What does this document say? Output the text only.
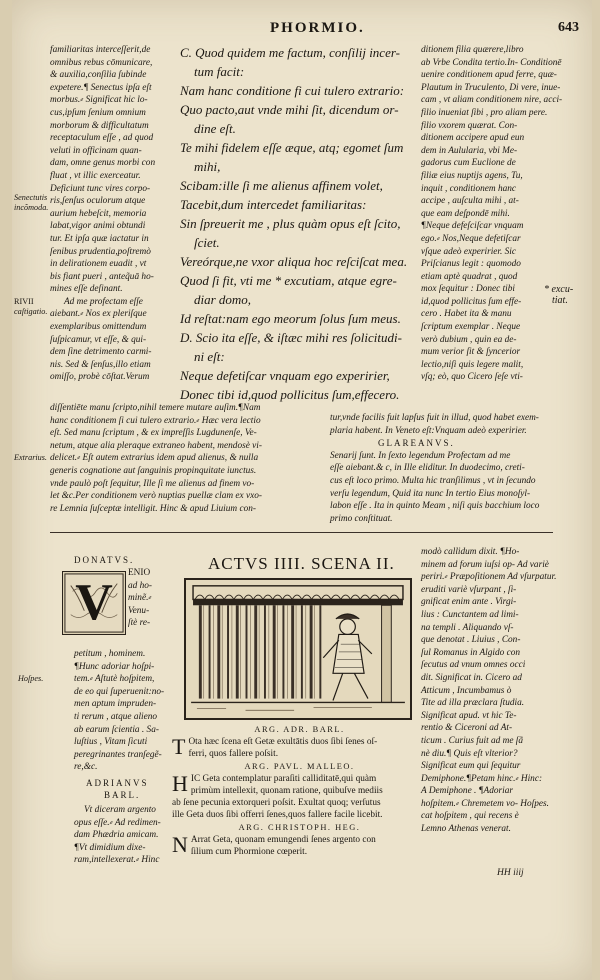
PHORMIO.	643
familiaritas interceſſerit,de
omnibus rebus cōmunicare,
& auxilia,conſilia ſubinde
expetere.¶ Senectus ipſa eſt
morbus.⸗ Significat hic lo-
cus,ipſum ſenium omnium
morborum & difficultatum
receptaculum eſſe , ad quod
veluti in officinam quan-
dam, omne genus morbi con
fluat , vt illic exerceatur.
Deficiunt tunc vires corpo-
ris,ſenſus oculorum atque
aurium hebeſcit, memoria
labat,vigor animi obtundi
tur. Et ipſa quæ iactatur in
ſenibus prudentia,poſtremò
in delirationem euadit , vt
bis fiant pueri , anteq̃uā ho-
mines eſſe deſinant.
Ad me profectam eſſe
aiebant.⸗ Nos ex pleriſque
exemplaribus omittendum
ſuſpicamur, vt eſſe, & qui-
dem ſine detrimento carmi-
nis. Sed & ſenſus,illo etiam
omiſſo, probè cōſtat.Verum
Senectutis
incõmoda.
RIVII
caſtigatio.
Extrarius.
Hoſpes.
C. Quod quidem me factum, conſilij incer-
tum facit:
Nam hanc conditione fi cui tulero extrario:
Quo pacto,aut vnde mihi ſit, dicendum or-
dine eſt.
Te mihi fidelem eſſe æque, atq; egomet ſum
mihi,
Scibam:ille ſi me alienus affinem volet,
Tacebit,dum intercedet familiaritas:
Sin ſpreuerit me , plus quàm opus eſt ſcito,
ſciet.
Vereórque,ne vxor aliqua hoc reſciſcat mea.
Quod ſi fit, vti me * excutiam, atque egre-
diar domo,
Id reſtat:nam ego meorum ſolus ſum meus.
D. Scio ita eſſe, & iſtæc mihi res ſolicitudi-
ni eſt:
Neque defetiſcar vnquam ego experirier,
Donec tibi id,quod pollicitus ſum,effecero.
ditionem filia quærere,libro
ab Vrbe Condita tertio.In- Conditionē
uenire conditionem apud ferre, quæ-
Plautum in Truculento, Di vere, inue-
cam , vt aliam conditionem nire, acci-
filio inueniat ſibi , pro aliam pere.
filio vxorem quærat. Con-
ditionem accipere apud eun
dem in Aulularia, vbi Me-
gadorus cum Euclione de
filiæ eius nuptijs agens, Tu,
inquit , conditionem hanc
accipe , auſculta mihi , at-
que eam deſpondē mihi.
¶Neque defeſciſcar vnquam
ego.⸗ Nos,Neque defetiſcar
vſque adeò experirier. Sic
Priſcianus legit : quomodo
etiam aptè quadrat , quod
mox ſequitur : Donec tibi
id,quod pollicitus ſum effe-
cero . Habet ita & manu
ſcriptum exemplar . Neque
verò dubium , quin ea de-
mum verior ſit & ſyncerior
lectio,niſi quis legere malit,
vſq; eò, quo Cicero ſeſe vti-
* excu-
tiat.
diſſentiēte manu ſcripto,nihil temere mutare auſim.¶Nam
hanc conditionem ſi cui tulero extrario.⸗ Hæc vera lectio
eſt. Sed manu ſcriptum , & ex impreſſis Lugdunenſe, Ve-
netum, atque alia pleraque extraneo habent, mendosè vi-
delicet.⸗ Eſt autem extrarius idem apud alienus, & nulla
generis cognatione aut ſanguinis propinquitate iunctus.
vnde paulò poſt ſequitur, Ille ſi me alienus ad finem vo-
let &c.Per conditionem verò nuptias puellæ clam ex vxo-
re Lemnia ſuſceptæ intelligit. Hinc & apud Liuium con-
tur,vnde facilis fuit lapſus fuit in illud, quod habet exem-
plaria habent. In Veneto eſt:Vnquam adeò experirier.
GLAREANVS.
Senarij ſunt. In ſexto legendum Profectam ad me
eſſe aiebant.& c, in Ille eliditur. In duodecimo, creti-
cus eſt loco primo. Multa hic tranſilimus , vt in ſecundo
verſu legendum, Quid ita nunc In tertio Eius monoſyl-
labon eſſe . Ita in quinto Meam , niſi quis bacchium loco
primo conſtituat.
DONATVS.
V
ENIO
ad ho-
minẽ.⸗
Venu-
ſtè re-
petitum , hominem.
¶Hunc adoriar hoſpi-
tem.⸗ Aſtutè hoſpitem,
de eo qui ſuperuenit:no-
men aptum impruden-
ti rerum , atque alieno
ab earum ſcientia . Sa-
luſtius , Vitam ſicuti
peregrinantes tranſegẽ-
re,&c.
ADRIANVS
BARL.
Vt diceram argento
opus eſſe.⸗ Ad redimen-
dam Phædria amicam.
¶Vt dimidium dixe-
ram,intellexerat.⸗ Hinc
ACTVS IIII. SCENA II.
ARG. ADR. BARL.
T Ota hæc ſcena eſt Getæ exultātis duos ſibi ſenes oſ-
ferri, quos fallere poſsit.
ARG. PAVL. MALLEO.
H IC Geta contemplatur paraſiti calliditatē,qui quàm
primùm intellexit, quonam ratione, quibuſve mediis
ab ſene pecunia extorqueri poſsit. Exultat quoq; verſutus
ille Geta duos ſibi offerri ſenes,quos fallere facile licebit.
ARG. CHRISTOPH. HEG.
N Arrat Geta, quonam emungendi ſenes argento con
ſilium cum Phormione cœperit.
modò callidum dixit. ¶Ho-
minem ad forum iuſsi op- Ad variè
periri.⸗ Præpoſitionem Ad vſurpatur.
eruditi variè vſurpant , ſi-
gnificat enim ante . Virgi-
lius : Cunctantem ad limi-
na templi . Aliquando vſ-
que denotat . Liuius , Con-
ſul Romanus in Algido con
ſecutus ad vnum omnes occi
dit. Significat in. Cicero ad
Atticum , Incumbamus ò
Tite ad illa præclara ſtudia.
Significat apud. vt hic Te-
rentio & Ciceroni ad At-
ticum . Curius fuit ad me ſã
nè diu.¶ Quis eſt vlterior?
Significat eum qui ſequitur
Demiphone.¶Petam hinc.⸗ Hinc:
A Demiphone . ¶Adoriar
hoſpitem.⸗ Chremetem vo- Hoſpes.
cat hoſpitem , qui recens è
Lemno Athenas venerat.
HH iiij
